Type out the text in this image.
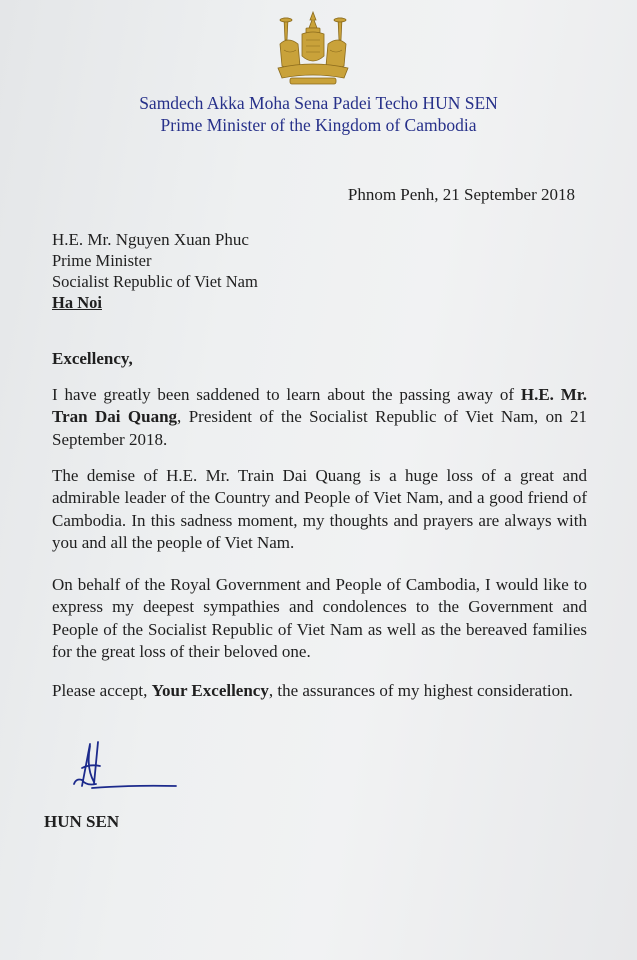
Samdech Akka Moha Sena Padei Techo HUN SEN
Prime Minister of the Kingdom of Cambodia
Phnom Penh, 21 September 2018
H.E. Mr. Nguyen Xuan Phuc
Prime Minister
Socialist Republic of Viet Nam
Ha Noi
Excellency,

I have greatly been saddened to learn about the passing away of H.E. Mr. Tran Dai Quang, President of the Socialist Republic of Viet Nam, on 21 September 2018.

The demise of H.E. Mr. Train Dai Quang is a huge loss of a great and admirable leader of the Country and People of Viet Nam, and a good friend of Cambodia. In this sadness moment, my thoughts and prayers are always with you and all the people of Viet Nam.

On behalf of the Royal Government and People of Cambodia, I would like to express my deepest sympathies and condolences to the Government and People of the Socialist Republic of Viet Nam as well as the bereaved families for the great loss of their beloved one.

Please accept, Your Excellency, the assurances of my highest consideration.

HUN SEN
